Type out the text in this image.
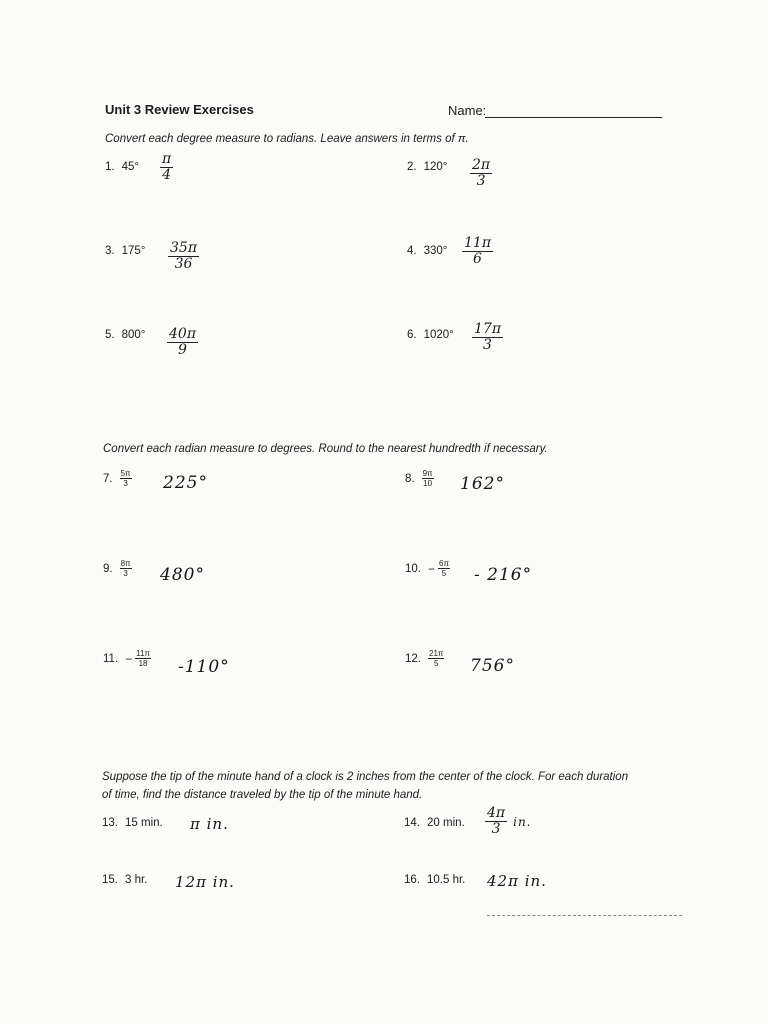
Unit 3 Review Exercises	Name:
Convert each degree measure to radians. Leave answers in terms of π.
1. $45^\circ \frac{\pi}{4}$	2. $120^\circ \frac{2\pi}{3}$
3. $175^\circ \frac{35\pi}{36}$	4. $330^\circ \frac{11\pi}{6}$
5. $800^\circ \frac{40\pi}{9}$	6. $1020^\circ \frac{17\pi}{3}$
Convert each radian measure to degrees. Round to the nearest hundredth if necessary.
7. $\frac{5\pi}{3} 225^\circ$	8. $\frac{9\pi}{10} 162^\circ$
9. $\frac{8\pi}{3} 480^\circ$	10. − $\frac{6\pi}{5} - 216^\circ$
11. − $\frac{11\pi}{18} -110^\circ$	12. $\frac{21\pi}{5} 756^\circ$
Suppose the tip of the minute hand of a clock is 2 inches from the center of the clock. For each duration
of time, find the distance traveled by the tip of the minute hand.
13. 15 min. π in.	14. 20 min. $\frac{4\pi}{3}$ in.
15. 3 hr. 12π in.	16. 10.5 hr. 42π in.
